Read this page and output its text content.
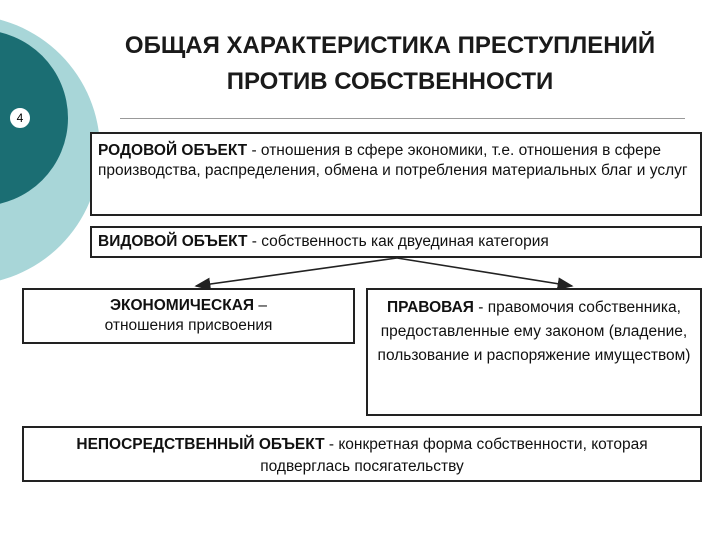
4
ОБЩАЯ ХАРАКТЕРИСТИКА ПРЕСТУПЛЕНИЙ
ПРОТИВ СОБСТВЕННОСТИ
РОДОВОЙ ОБЪЕКТ - отношения в сфере экономики, т.е. отношения в сфере производства, распределения, обмена и потребления материальных благ и услуг
ВИДОВОЙ ОБЪЕКТ - собственность как двуединая категория
ЭКОНОМИЧЕСКАЯ –
отношения присвоения
ПРАВОВАЯ - правомочия собственника, предоставленные ему законом (владение, пользование и распоряжение имуществом)
НЕПОСРЕДСТВЕННЫЙ ОБЪЕКТ - конкретная форма собственности, которая подверглась посягательству
